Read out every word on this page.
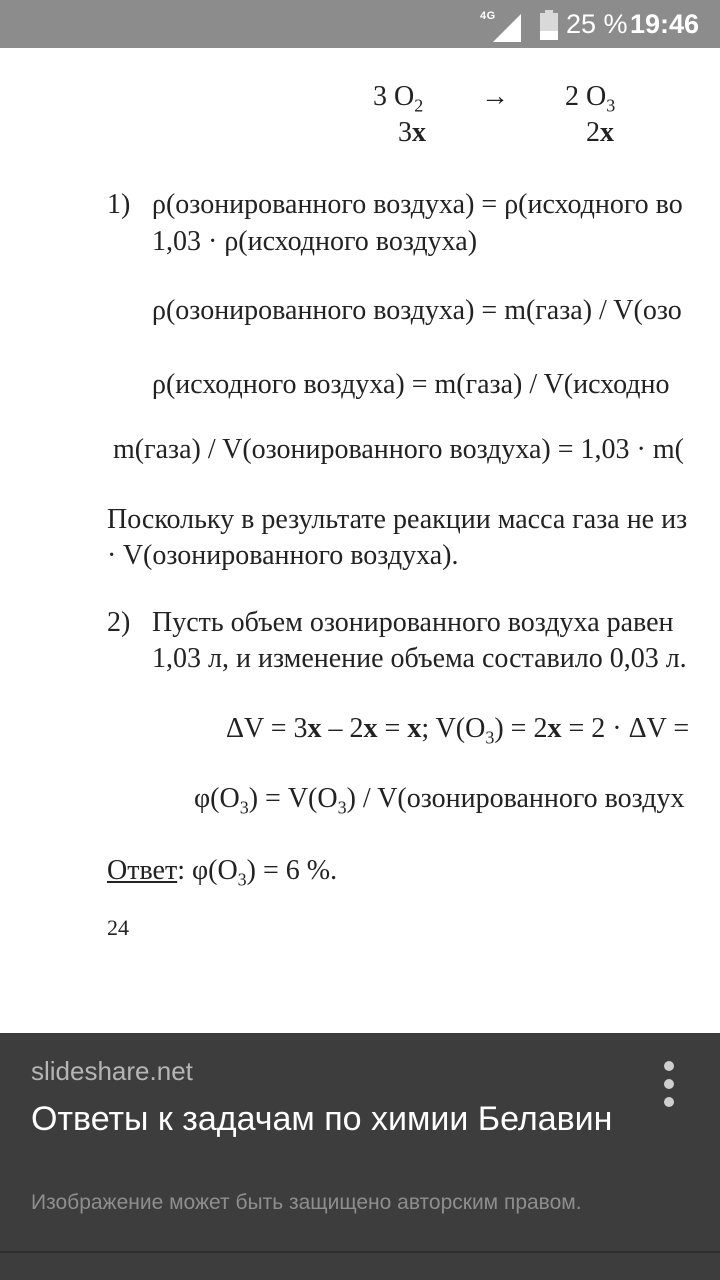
4G	25 % 19:46
3 $O_2 \to 2$ $O_3$
3x	2x
1) ρ(озонированного воздуха) = ρ(исходного во
1,03 · ρ(исходного воздуха)
ρ(озонированного воздуха) = m(газа) / V(озо
ρ(исходного воздуха) = m(газа) / V(исходно
m(газа) / V(озонированного воздуха) = 1,03 · m(
Поскольку в результате реакции масса газа не из
· V(озонированного воздуха).
2) Пусть объем озонированного воздуха равен
1,03 л, и изменение объема составило 0,03 л.
ΔV = 3x – 2x = x; $V(O_3) = 2x = 2 \cdot \Delta V$ =
$\varphi(O_3) = V(O_3)$ / V(озонированного воздух
Ответ: $\varphi(O_3) = 6$ %.
24
slideshare.net
Ответы к задачам по химии Белавин
Изображение может быть защищено авторским правом.
